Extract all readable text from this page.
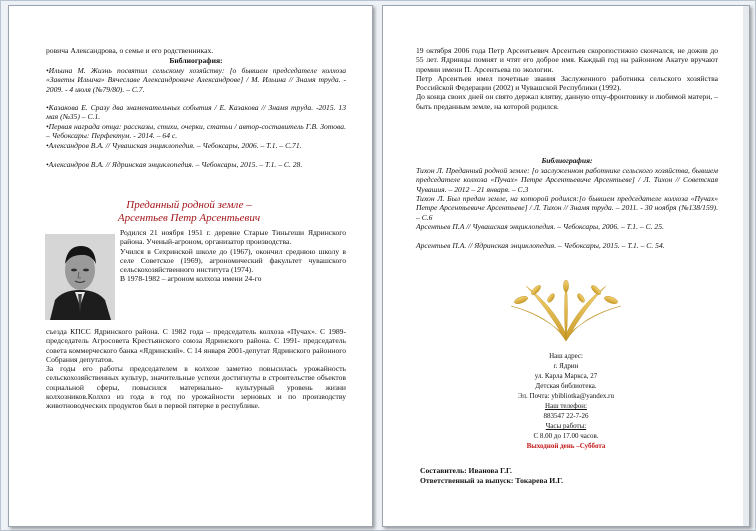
ровича Александрова, о семье и его родственниках.
Библиография:
•Ильина М. Жизнь посвятил сельскому хозяйству: [о бывшем председателе колхоза «Заветы Ильича» Вячеславе Александровиче Александрове] / М. Ильина // Знамя труда. - 2009. - 4 июля (№79/80). – С.7.
•Казакова Е. Сразу два знаменательных события / Е. Казакова // Знамя труда. -2015. 13 мая (№35) – С.1.
•Первая награда отца: рассказы, стихи, очерки, статьи / автор-составитель Г.В. Зотова. – Чебоксары: Перфектум. - 2014. – 64 с.
•Александров В.А. // Чувашская энциклопедия. – Чебоксары, 2006. – Т.1. – С.71.
•Александров В.А. // Ядринская энциклопедия. – Чебоксары, 2015. – Т.1. – С. 28.
Преданный родной земле –
Арсентьев Петр Арсентьевич
Родился 21 ноября 1951 г. деревне Старые Тиньгеши Ядринского района. Ученый-агроном, организатор производства.
Учился в Сехринской школе до (1967), окончил среднюю школу в селе Советское (1969), агрономический факультет чувашского сельскохозяйственного института (1974).
В 1978-1982 – агроном колхоза имени 24-го
съезда КПСС Ядринского района. С 1982 года – председатель колхоза «Пучах». С 1989- председатель Агросовета Крестьянского союза Ядринского района. С 1991- председатель совета коммерческого банка «Ядринский». С 14 января 2001-депутат Ядринского районного Собрания депутатов.
За годы его работы председателем в колхозе заметно повысилась урожайность сельскохозяйственных культур, значительные успехи достигнуты в строительстве объектов социальной сферы, повысился материально- культурный уровень жизни колхозников.Колхоз из года в год по урожайности зерновых и по производству животноводческих продуктов был в первой пятерке в республике.
19 октября 2006 года Петр Арсентьевич Арсентьев скоропостижно скончался, не дожив до 55 лет. Ядринцы помнят и чтят его доброе имя. Каждый год на районном Акатуе вручают премии имени П. Арсентьева по экологии.
Петр Арсентьев имел почетные звания Заслуженного работника сельского хозяйства Российской Федерации (2002) и Чувашской Республики (1992).
До конца своих дней он свято держал клятву, данную отцу-фронтовику и любимой матери, – быть преданным земле, на которой родился.
Библиография:
Тихон Л. Преданный родной земле: [о заслуженном работнике сельского хозяйства, бывшем председателе колхоза «Пучах» Петре Арсентьевиче Арсентьеве] / Л. Тихон // Советская Чувашия. – 2012 – 21 января. – С.3
Тихон Л. Был предан земле, на которой родился:[о бывшем председателе колхоза «Пучах» Петре Арсентьевиче Арсентьеве] / Л. Тихон // Знамя труда. – 2011. - 30 ноября (№138/159). – С.6
Арсентьев П.А // Чувашская энциклопедия. – Чебоксары, 2006. – Т.1. – С. 25.
Арсентьев П.А. // Ядринская энциклопедия. – Чебоксары, 2015. – Т.1. – С. 54.
Наш адрес:
г. Ядрин
ул. Карла Маркса, 27
Детская библиотека.
Эл. Почта: ybibliotka@yandex.ru
Наш телефон:
883547 22-7-26
Часы работы:
С 8.00 до 17.00 часов.
Выходной день –Суббота
Составитель: Иванова Г.Г.
Ответственный за выпуск: Токарева И.Г.
